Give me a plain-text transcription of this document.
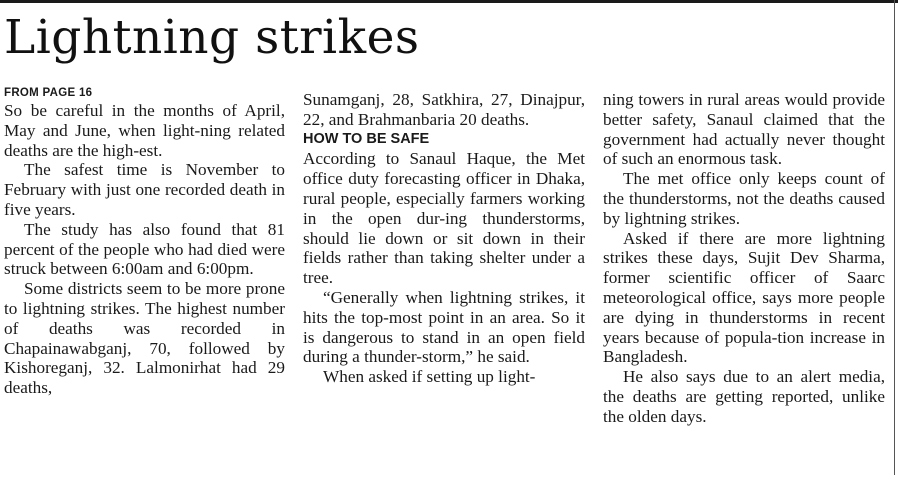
Lightning strikes
FROM PAGE 16

So be careful in the months of April, May and June, when light-ning related deaths are the high-est.

The safest time is November to February with just one recorded death in five years.

The study has also found that 81 percent of the people who had died were struck between 6:00am and 6:00pm.

Some districts seem to be more prone to lightning strikes. The highest number of deaths was recorded in Chapainawabganj, 70, followed by Kishoreganj, 32. Lalmonirhat had 29 deaths,

Sunamganj, 28, Satkhira, 27, Dinajpur, 22, and Brahmanbaria 20 deaths.

HOW TO BE SAFE

According to Sanaul Haque, the Met office duty forecasting officer in Dhaka, rural people, especially farmers working in the open dur-ing thunderstorms, should lie down or sit down in their fields rather than taking shelter under a tree.

“Generally when lightning strikes, it hits the top-most point in an area. So it is dangerous to stand in an open field during a thunder-storm,” he said.

When asked if setting up light-

ning towers in rural areas would provide better safety, Sanaul claimed that the government had actually never thought of such an enormous task.

The met office only keeps count of the thunderstorms, not the deaths caused by lightning strikes.

Asked if there are more lightning strikes these days, Sujit Dev Sharma, former scientific officer of Saarc meteorological office, says more people are dying in thunderstorms in recent years because of popula-tion increase in Bangladesh.

He also says due to an alert media, the deaths are getting reported, unlike the olden days.
